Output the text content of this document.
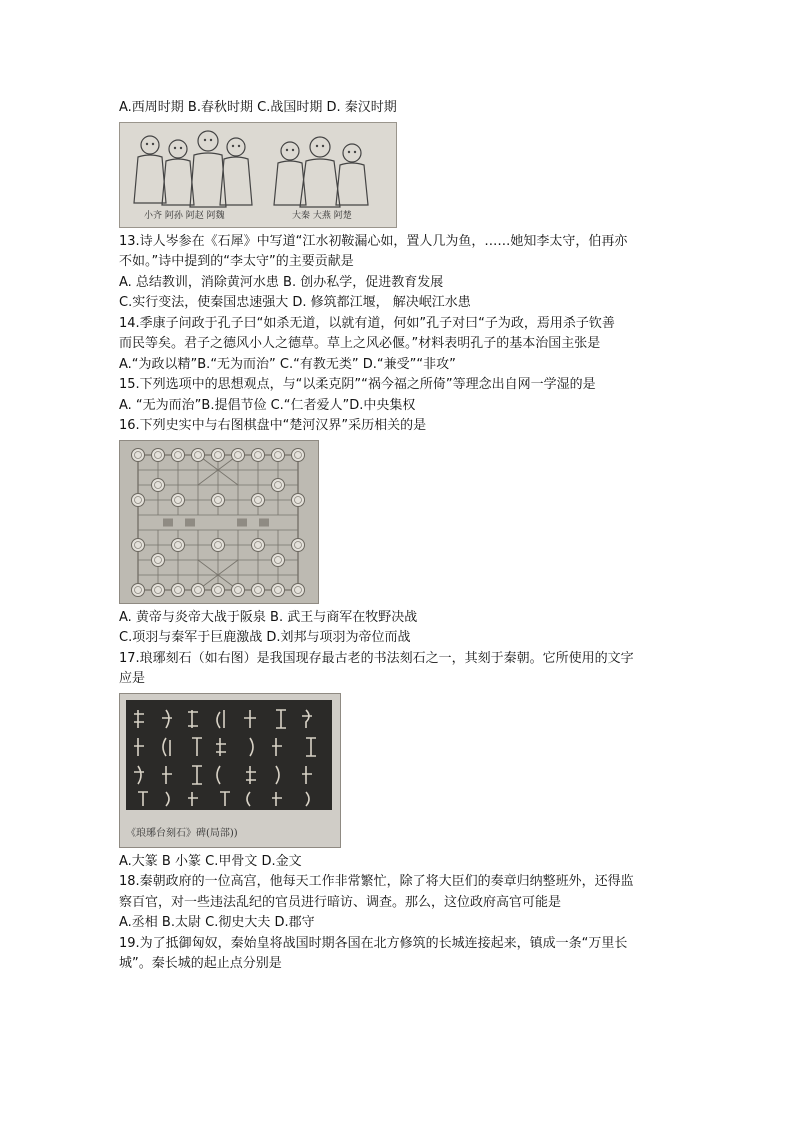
A.西周时期 B.春秋时期 C.战国时期 D. 秦汉时期
小齐 阿孙 阿赵 阿魏	大秦 大燕 阿楚
13.诗人岑参在《石犀》中写道“江水初鞍漏心如，置人几为鱼，……她知李太守，伯再亦
不如。”诗中提到的“李太守”的主要贡献是
A. 总结教训，消除黄河水患 B. 创办私学，促进教育发展
C.实行变法，使秦国忠速强大 D. 修筑都江堰， 解决岷江水患
14.季康子问政于孔子曰“如杀无道，以就有道，何如”孔子对曰“子为政，焉用杀子钦善
而民等矣。君子之德风小人之德草。草上之风必偃。”材料表明孔子的基本治国主张是
A.“为政以精”B.“无为而治” C.“有教无类” D.“兼受”“非攻”
15.下列选项中的思想观点，与“以柔克阴”“祸今福之所倚”等理念出自网一学湿的是
A. “无为而治”B.提倡节俭 C.“仁者爱人”D.中央集权
16.下列史实中与右图棋盘中“楚河汉界”采历相关的是
A. 黄帝与炎帝大战于阪泉 B. 武王与商军在牧野决战
C.项羽与秦军于巨鹿激战 D.刘邦与项羽为帝位而战
17.琅琊刻石（如右图）是我国现存最古老的书法刻石之一，其刻于秦朝。它所使用的文字
应是
《琅琊台刻石》碑(局部))
A.大篆 B 小篆 C.甲骨文 D.金文
18.秦朝政府的一位高宫，他每天工作非常繁忙，除了将大臣们的奏章归纳整班外，还得监
察百官，对一些违法乱纪的官员进行暗访、调查。那么，这位政府高官可能是
A.丞相 B.太尉 C.彻史大夫 D.郡守
19.为了抵御匈奴，秦始皇将战国时期各国在北方修筑的长城连接起来，镇成一条“万里长
城”。秦长城的起止点分别是
